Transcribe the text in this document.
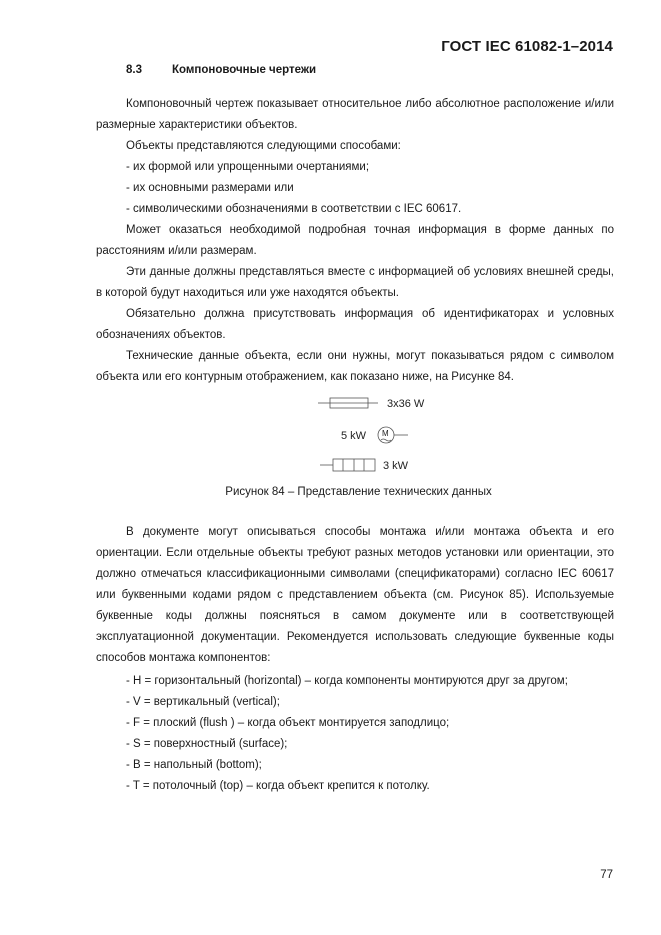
ГОСТ IEC 61082-1–2014
8.3	Компоновочные чертежи
Компоновочный чертеж показывает относительное либо абсолютное расположение и/или размерные характеристики объектов.
Объекты представляются следующими способами:
- их формой или упрощенными очертаниями;
- их основными размерами или
- символическими обозначениями в соответствии с IEC 60617.
Может оказаться необходимой подробная точная информация в форме данных по расстояниям и/или размерам.
Эти данные должны представляться вместе с информацией об условиях внешней среды, в которой будут находиться или уже находятся объекты.
Обязательно должна присутствовать информация об идентификаторах и условных обозначениях объектов.
Технические данные объекта, если они нужны, могут показываться рядом с символом объекта или его контурным отображением, как показано ниже, на Рисунке 84.
3x36 W
5 kW M
3 kW
Рисунок 84 – Представление технических данных
В документе могут описываться способы монтажа и/или монтажа объекта и его ориентации. Если отдельные объекты требуют разных методов установки или ориентации, это должно отмечаться классификационными символами (спецификаторами) согласно IEC 60617 или буквенными кодами рядом с представлением объекта (см. Рисунок 85). Используемые буквенные коды должны поясняться в самом документе или в соответствующей эксплуатационной документации. Рекомендуется использовать следующие буквенные коды способов монтажа компонентов:
- H = горизонтальный (horizontal) – когда компоненты монтируются друг за другом;
- V = вертикальный (vertical);
- F = плоский (flush ) – когда объект монтируется заподлицо;
- S = поверхностный (surface);
- B = напольный (bottom);
- T = потолочный (top) – когда объект крепится к потолку.
77
